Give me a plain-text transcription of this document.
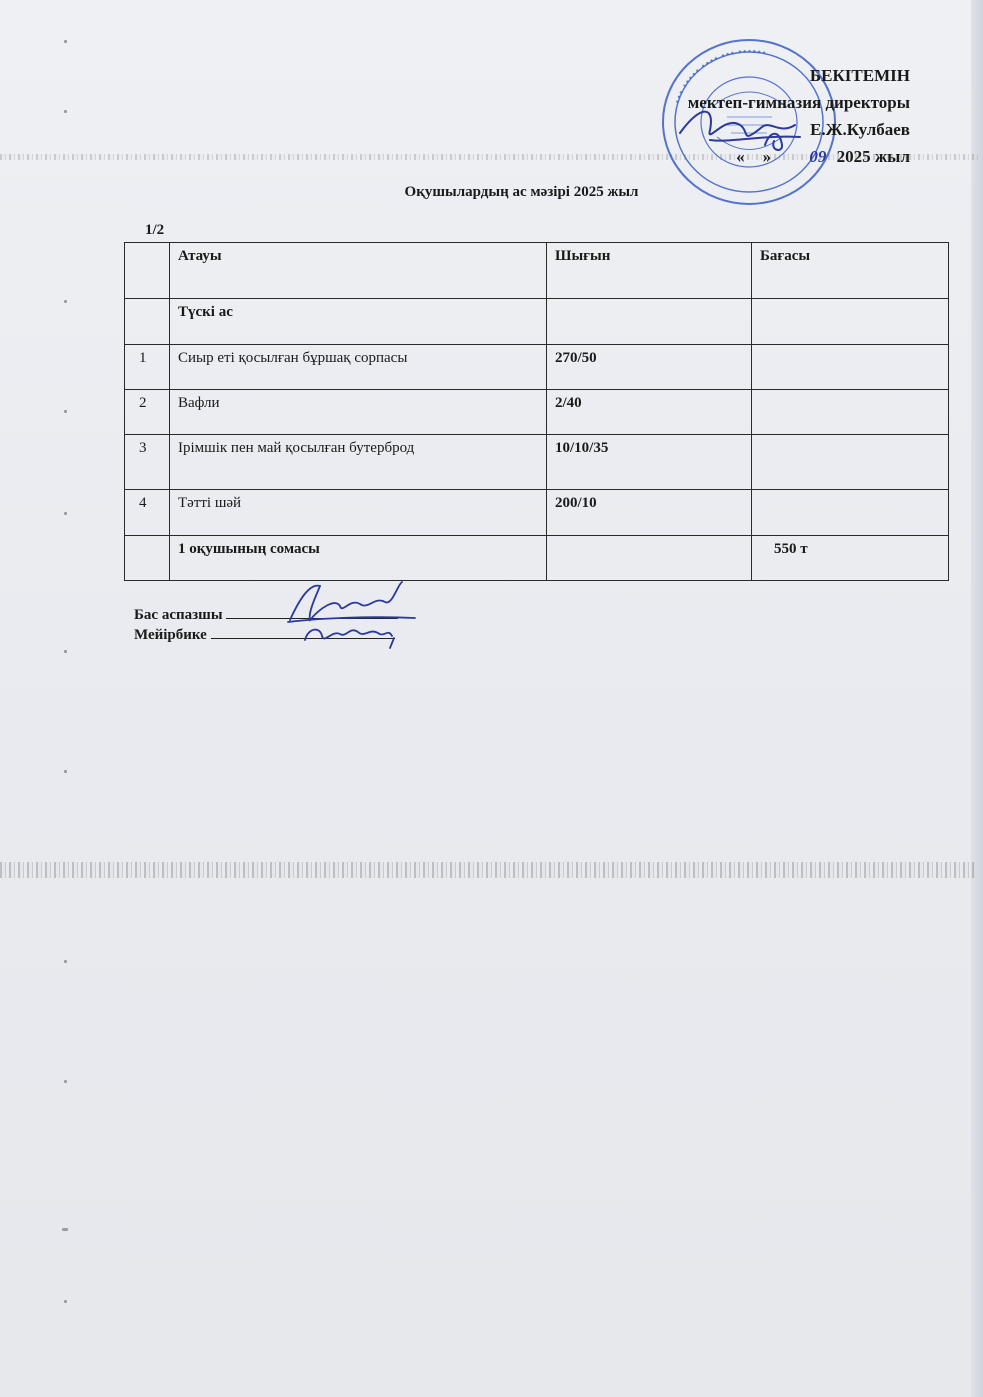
••• ••••• •••• ••• ••••••
БЕКІТЕМІН
мектеп-гимназия директоры
Е.Ж.Кулбаев
« » 09 2025 жыл
Оқушылардың ас мәзірі 2025 жыл
1/2
	Атауы	Шығын	Бағасы
	Түскі ас		
1	Сиыр еті қосылған бұршақ сорпасы	270/50	
2	Вафли	2/40	
3	Ірімшік пен май қосылған бутерброд	10/10/35	
4	Тәтті шәй	200/10	
	1 оқушының сомасы		550 т
Бас аспазшы
Мейірбике
